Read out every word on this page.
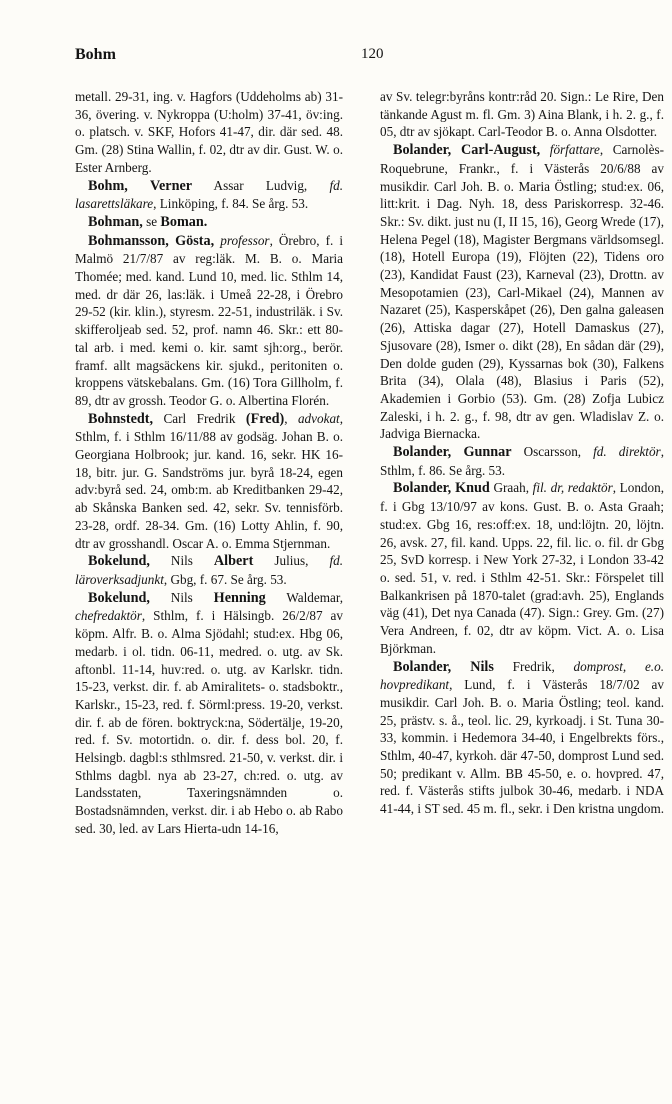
Bohm	120

metall. 29-31, ing. v. Hagfors (Uddeholms ab) 31-36, övering. v. Nykroppa (U:holm) 37-41, öv:ing. o. platsch. v. SKF, Hofors 41-47, dir. där sed. 48. Gm. (28) Stina Wallin, f. 02, dtr av dir. Gust. W. o. Ester Arnberg.

Bohm, Verner Assar Ludvig, fd. lasarettsläkare, Linköping, f. 84. Se årg. 53.

Bohman, se Boman.

Bohmansson, Gösta, professor, Örebro, f. i Malmö 21/7/87 av reg:läk. M. B. o. Maria Thomée; med. kand. Lund 10, med. lic. Sthlm 14, med. dr där 26, las:läk. i Umeå 22-28, i Örebro 29-52 (kir. klin.), styresm. 22-51, industriläk. i Sv. skifferoljeab sed. 52, prof. namn 46. Skr.: ett 80-tal arb. i med. kemi o. kir. samt sjh:org., berör. framf. allt magsäckens kir. sjukd., peritoniten o. kroppens vätskebalans. Gm. (16) Tora Gillholm, f. 89, dtr av grossh. Teodor G. o. Albertina Florén.

Bohnstedt, Carl Fredrik (Fred), advokat, Sthlm, f. i Sthlm 16/11/88 av godsäg. Johan B. o. Georgiana Holbrook; jur. kand. 16, sekr. HK 16-18, bitr. jur. G. Sandströms jur. byrå 18-24, egen adv:byrå sed. 24, omb:m. ab Kreditbanken 29-42, ab Skånska Banken sed. 42, sekr. Sv. tennisförb. 23-28, ordf. 28-34. Gm. (16) Lotty Ahlin, f. 90, dtr av grosshandl. Oscar A. o. Emma Stjernman.

Bokelund, Nils Albert Julius, fd. läroverksadjunkt, Gbg, f. 67. Se årg. 53.

Bokelund, Nils Henning Waldemar, chefredaktör, Sthlm, f. i Hälsingb. 26/2/87 av köpm. Alfr. B. o. Alma Sjödahl; stud:ex. Hbg 06, medarb. i ol. tidn. 06-11, medred. o. utg. av Sk. aftonbl. 11-14, huv:red. o. utg. av Karlskr. tidn. 15-23, verkst. dir. f. ab Amiralitets- o. stadsboktr., Karlskr., 15-23, red. f. Sörml:press. 19-20, verkst. dir. f. ab de fören. boktryck:na, Södertälje, 19-20, red. f. Sv. motortidn. o. dir. f. dess bol. 20, f. Helsingb. dagbl:s sthlmsred. 21-50, v. verkst. dir. i Sthlms dagbl. nya ab 23-27, ch:red. o. utg. av Landsstaten, Taxeringsnämnden o. Bostadsnämnden, verkst. dir. i ab Hebo o. ab Rabo sed. 30, led. av Lars Hierta-udn 14-16,

av Sv. telegr:byråns kontr:råd 20. Sign.: Le Rire, Den tänkande Agust m. fl. Gm. 3) Aina Blank, i h. 2. g., f. 05, dtr av sjökapt. Carl-Teodor B. o. Anna Olsdotter.

Bolander, Carl-August, författare, Carnolès-Roquebrune, Frankr., f. i Västerås 20/6/88 av musikdir. Carl Joh. B. o. Maria Östling; stud:ex. 06, litt:krit. i Dag. Nyh. 18, dess Pariskorresp. 32-46. Skr.: Sv. dikt. just nu (I, II 15, 16), Georg Wrede (17), Helena Pegel (18), Magister Bergmans världsomsegl. (18), Hotell Europa (19), Flöjten (22), Tidens oro (23), Kandidat Faust (23), Karneval (23), Drottn. av Mesopotamien (23), Carl-Mikael (24), Mannen av Nazaret (25), Kasperskåpet (26), Den galna galeasen (26), Attiska dagar (27), Hotell Damaskus (27), Sjusovare (28), Ismer o. dikt (28), En sådan där (29), Den dolde guden (29), Kyssarnas bok (30), Falkens Brita (34), Olala (48), Blasius i Paris (52), Akademien i Gorbio (53). Gm. (28) Zofja Lubicz Zaleski, i h. 2. g., f. 98, dtr av gen. Wladislav Z. o. Jadviga Biernacka.

Bolander, Gunnar Oscarsson, fd. direktör, Sthlm, f. 86. Se årg. 53.

Bolander, Knud Graah, fil. dr, redaktör, London, f. i Gbg 13/10/97 av kons. Gust. B. o. Asta Graah; stud:ex. Gbg 16, res:off:ex. 18, und:löjtn. 20, löjtn. 26, avsk. 27, fil. kand. Upps. 22, fil. lic. o. fil. dr Gbg 25, SvD korresp. i New York 27-32, i London 33-42 o. sed. 51, v. red. i Sthlm 42-51. Skr.: Förspelet till Balkankrisen på 1870-talet (grad:avh. 25), Englands väg (41), Det nya Canada (47). Sign.: Grey. Gm. (27) Vera Andreen, f. 02, dtr av köpm. Vict. A. o. Lisa Björkman.

Bolander, Nils Fredrik, domprost, e.o. hovpredikant, Lund, f. i Västerås 18/7/02 av musikdir. Carl Joh. B. o. Maria Östling; teol. kand. 25, prästv. s. å., teol. lic. 29, kyrkoadj. i St. Tuna 30-33, kommin. i Hedemora 34-40, i Engelbrekts förs., Sthlm, 40-47, kyrkoh. där 47-50, domprost Lund sed. 50; predikant v. Allm. BB 45-50, e. o. hovpred. 47, red. f. Västerås stifts julbok 30-46, medarb. i NDA 41-44, i ST sed. 45 m. fl., sekr. i Den kristna ungdom.
